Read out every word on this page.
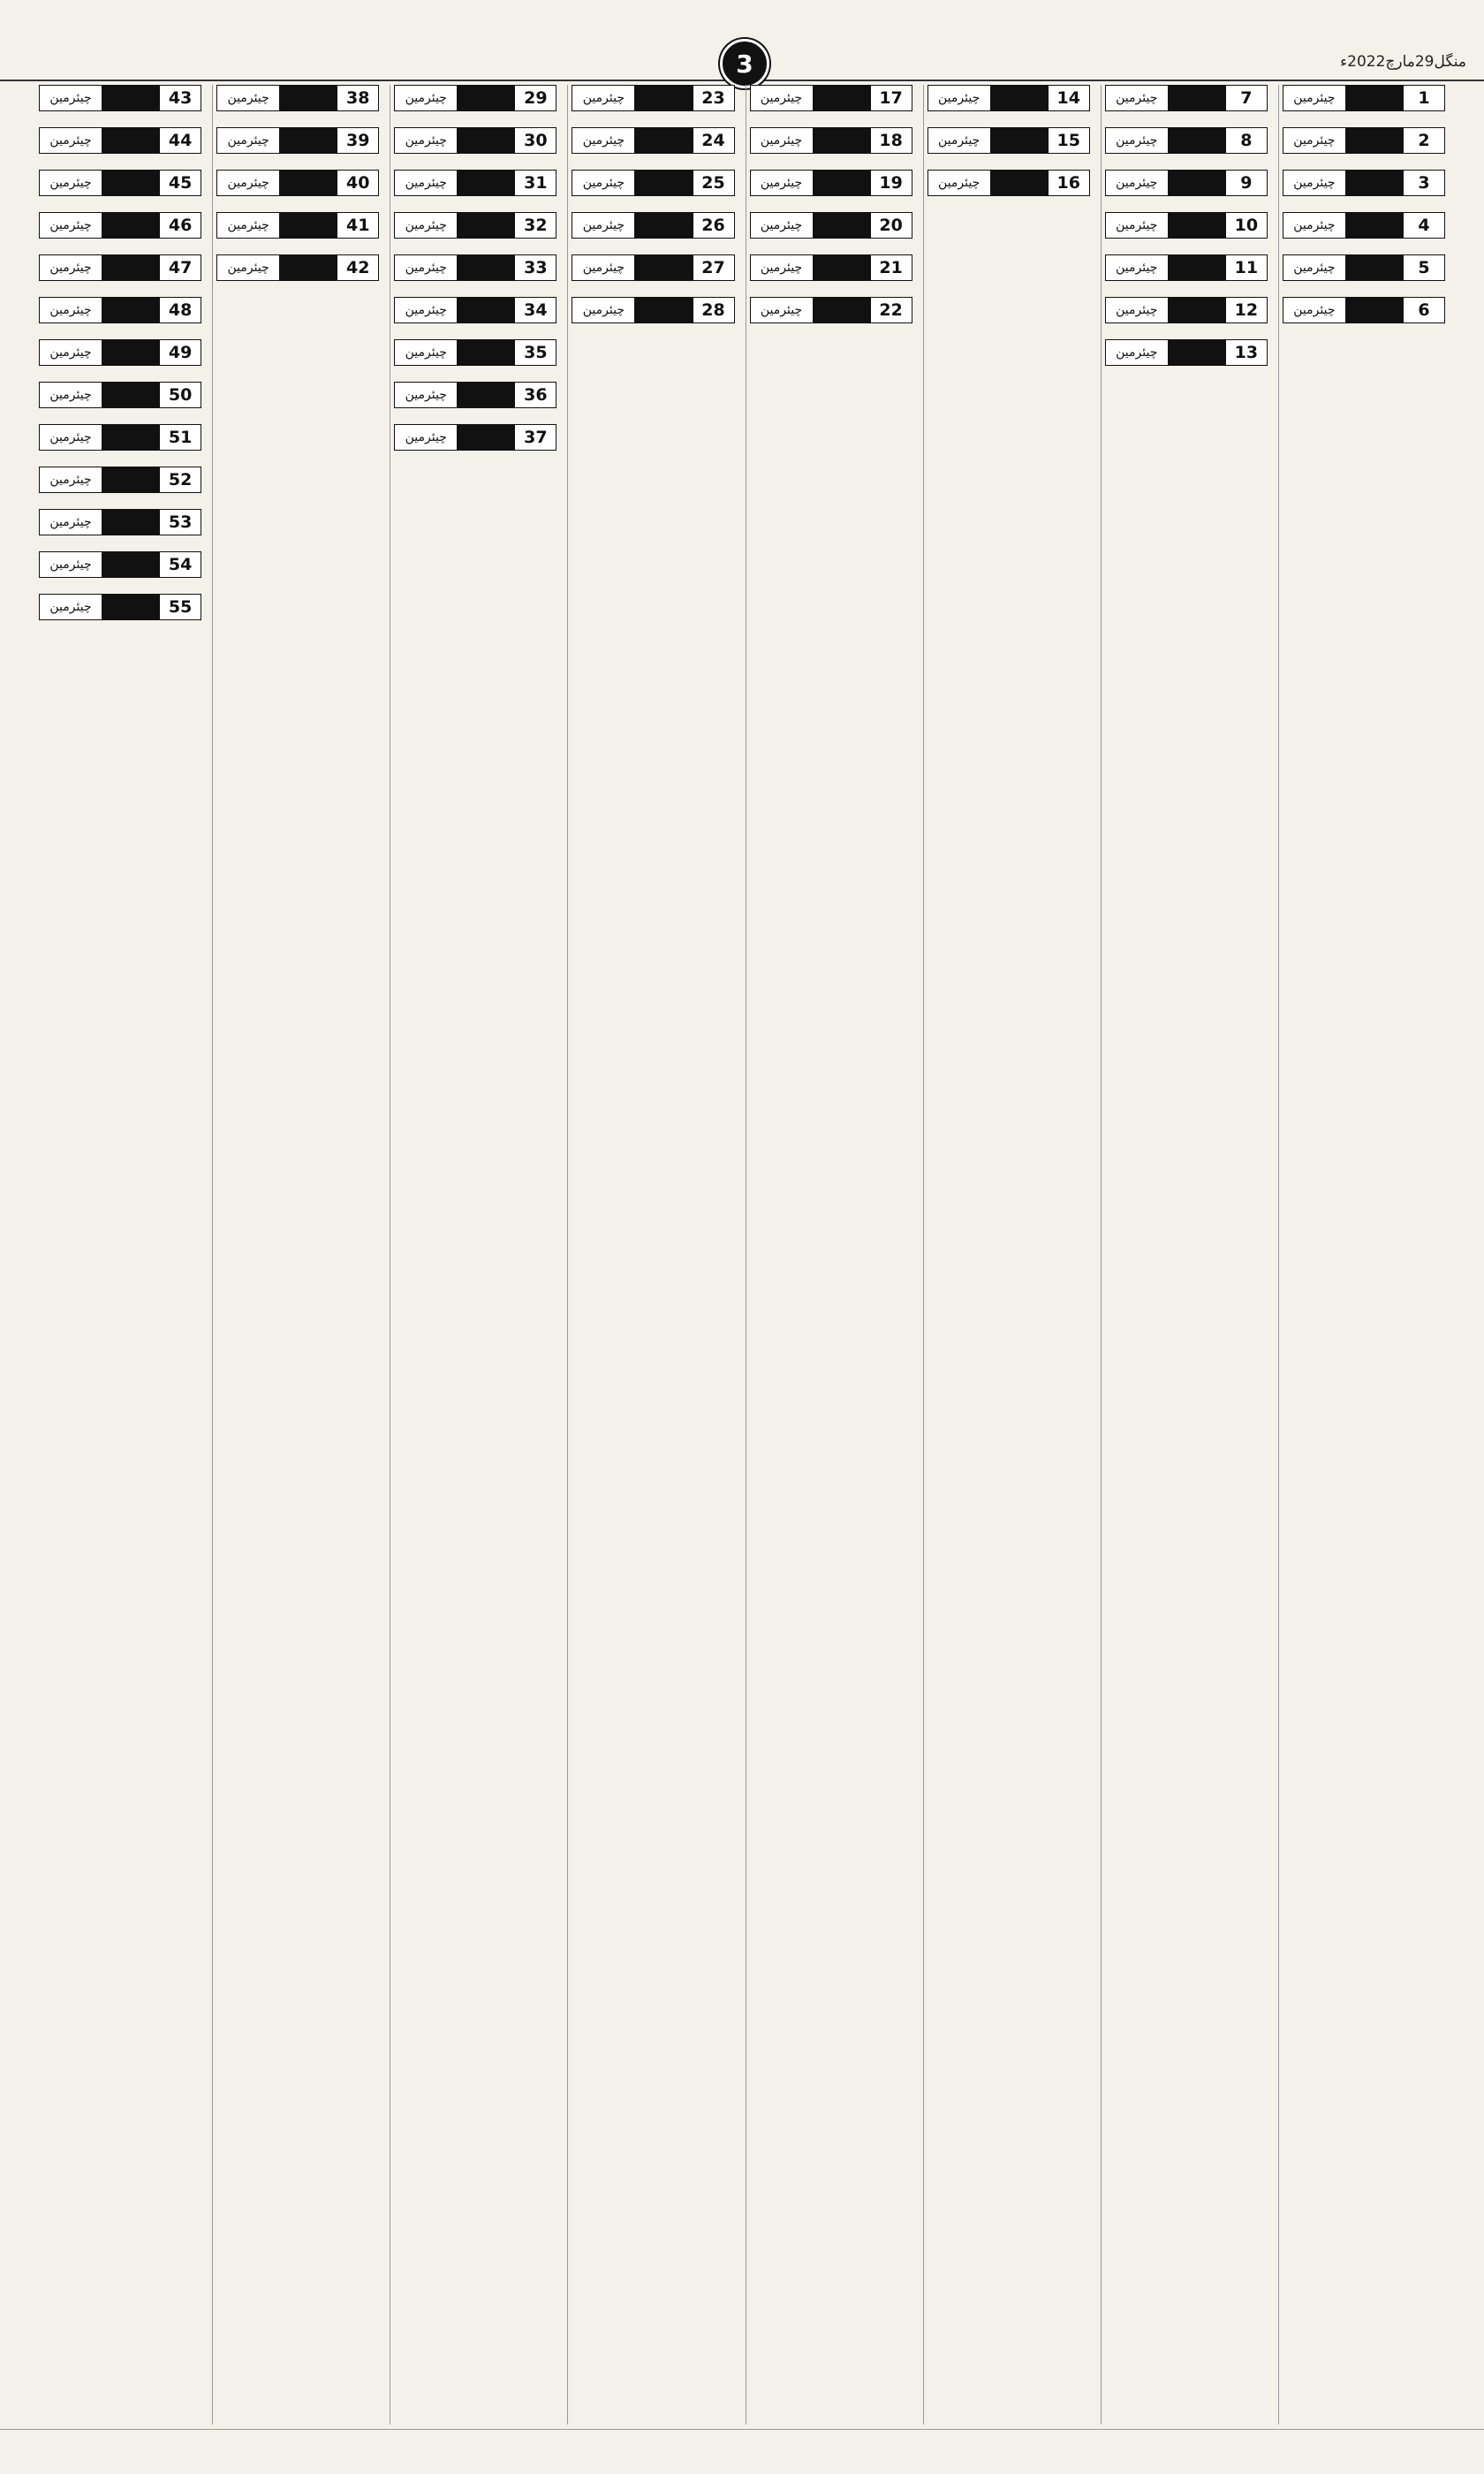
3	منگل29مارچ2022ء
1
چیئرمین
2
چیئرمین
3
چیئرمین
4
چیئرمین
5
چیئرمین
6
چیئرمین
7
چیئرمین
8
چیئرمین
9
چیئرمین
10
چیئرمین
11
چیئرمین
12
چیئرمین
13
چیئرمین
14
چیئرمین
15
چیئرمین
16
چیئرمین
17
چیئرمین
18
چیئرمین
19
چیئرمین
20
چیئرمین
21
چیئرمین
22
چیئرمین
23
چیئرمین
24
چیئرمین
25
چیئرمین
26
چیئرمین
27
چیئرمین
28
چیئرمین
29
چیئرمین
30
چیئرمین
31
چیئرمین
32
چیئرمین
33
چیئرمین
34
چیئرمین
35
چیئرمین
36
چیئرمین
37
چیئرمین
38
چیئرمین
39
چیئرمین
40
چیئرمین
41
چیئرمین
42
چیئرمین
43
چیئرمین
44
چیئرمین
45
چیئرمین
46
چیئرمین
47
چیئرمین
48
چیئرمین
49
چیئرمین
50
چیئرمین
51
چیئرمین
52
چیئرمین
53
چیئرمین
54
چیئرمین
55
چیئرمین
